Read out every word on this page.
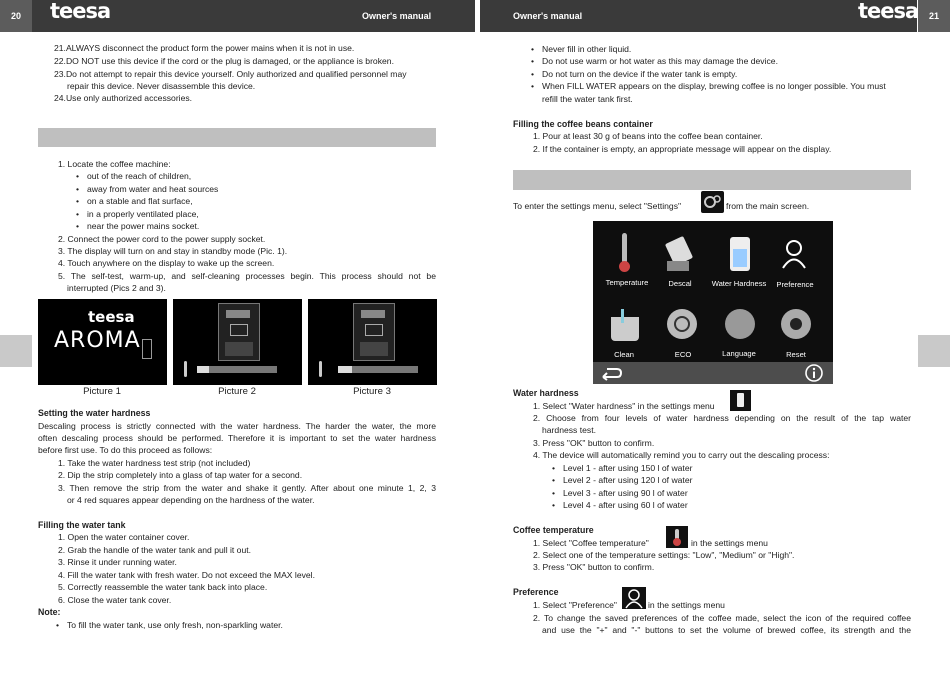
20	21
teesa	Owner's manual	Owner's manual	teesa
21.ALWAYS disconnect the product form the power mains when it is not in use.
22.DO NOT use this device if the cord or the plug is damaged, or the appliance is broken.
23.Do not attempt to repair this device yourself. Only authorized and qualified personnel may
repair this device. Never disassemble this device.
24.Use only authorized accessories.
1. Locate the coffee machine:
• out of the reach of children,
• away from water and heat sources
• on a stable and flat surface,
• in a properly ventilated place,
• near the power mains socket.
2. Connect the power cord to the power supply socket.
3. The display will turn on and stay in standby mode (Pic. 1).
4. Touch anywhere on the display to wake up the screen.
5. The self-test, warm-up, and self-cleaning processes begin. This process should not be
interrupted (Pics 2 and 3).
teesa
AROMA
Picture 1	Picture 2	Picture 3
Setting the water hardness
Descaling process is strictly connected with the water hardness. The harder the water, the more
often descaling process should be performed. Therefore it is important to set the water hardness
before first use. To do this proceed as follows:
1. Take the water hardness test strip (not included)
2. Dip the strip completely into a glass of tap water for a second.
3. Then remove the strip from the water and shake it gently. After about one minute 1, 2, 3
or 4 red squares appear depending on the hardness of the water.
Filling the water tank
1. Open the water container cover.
2. Grab the handle of the water tank and pull it out.
3. Rinse it under running water.
4. Fill the water tank with fresh water. Do not exceed the MAX level.
5. Correctly reassemble the water tank back into place.
6. Close the water tank cover.
Note:
• To fill the water tank, use only fresh, non-sparkling water.
• Never fill in other liquid.
• Do not use warm or hot water as this may damage the device.
• Do not turn on the device if the water tank is empty.
• When FILL WATER appears on the display, brewing coffee is no longer possible. You must
refill the water tank first.
Filling the coffee beans container
1. Pour at least 30 g of beans into the coffee bean container.
2. If the container is empty, an appropriate message will appear on the display.
To enter the settings menu, select "Settings"	from the main screen.
Temperature	Descal	Water Hardness	Preference
Clean	ECO	Language	Reset
Water hardness
1. Select "Water hardness" in the settings menu
2. Choose from four levels of water hardness depending on the result of the tap water
hardness test.
3. Press "OK" button to confirm.
4. The device will automatically remind you to carry out the descaling process:
• Level 1 - after using 150 l of water
• Level 2 - after using 120 l of water
• Level 3 - after using 90 l of water
• Level 4 - after using 60 l of water
Coffee temperature
1. Select "Coffee temperature"	in the settings menu
2. Select one of the temperature settings: "Low", "Medium" or "High".
3. Press "OK" button to confirm.
Preference
1. Select "Preference"	in the settings menu
2. To change the saved preferences of the coffee made, select the icon of the required coffee
and use the "+" and "-" buttons to set the volume of brewed coffee, its strength and the
